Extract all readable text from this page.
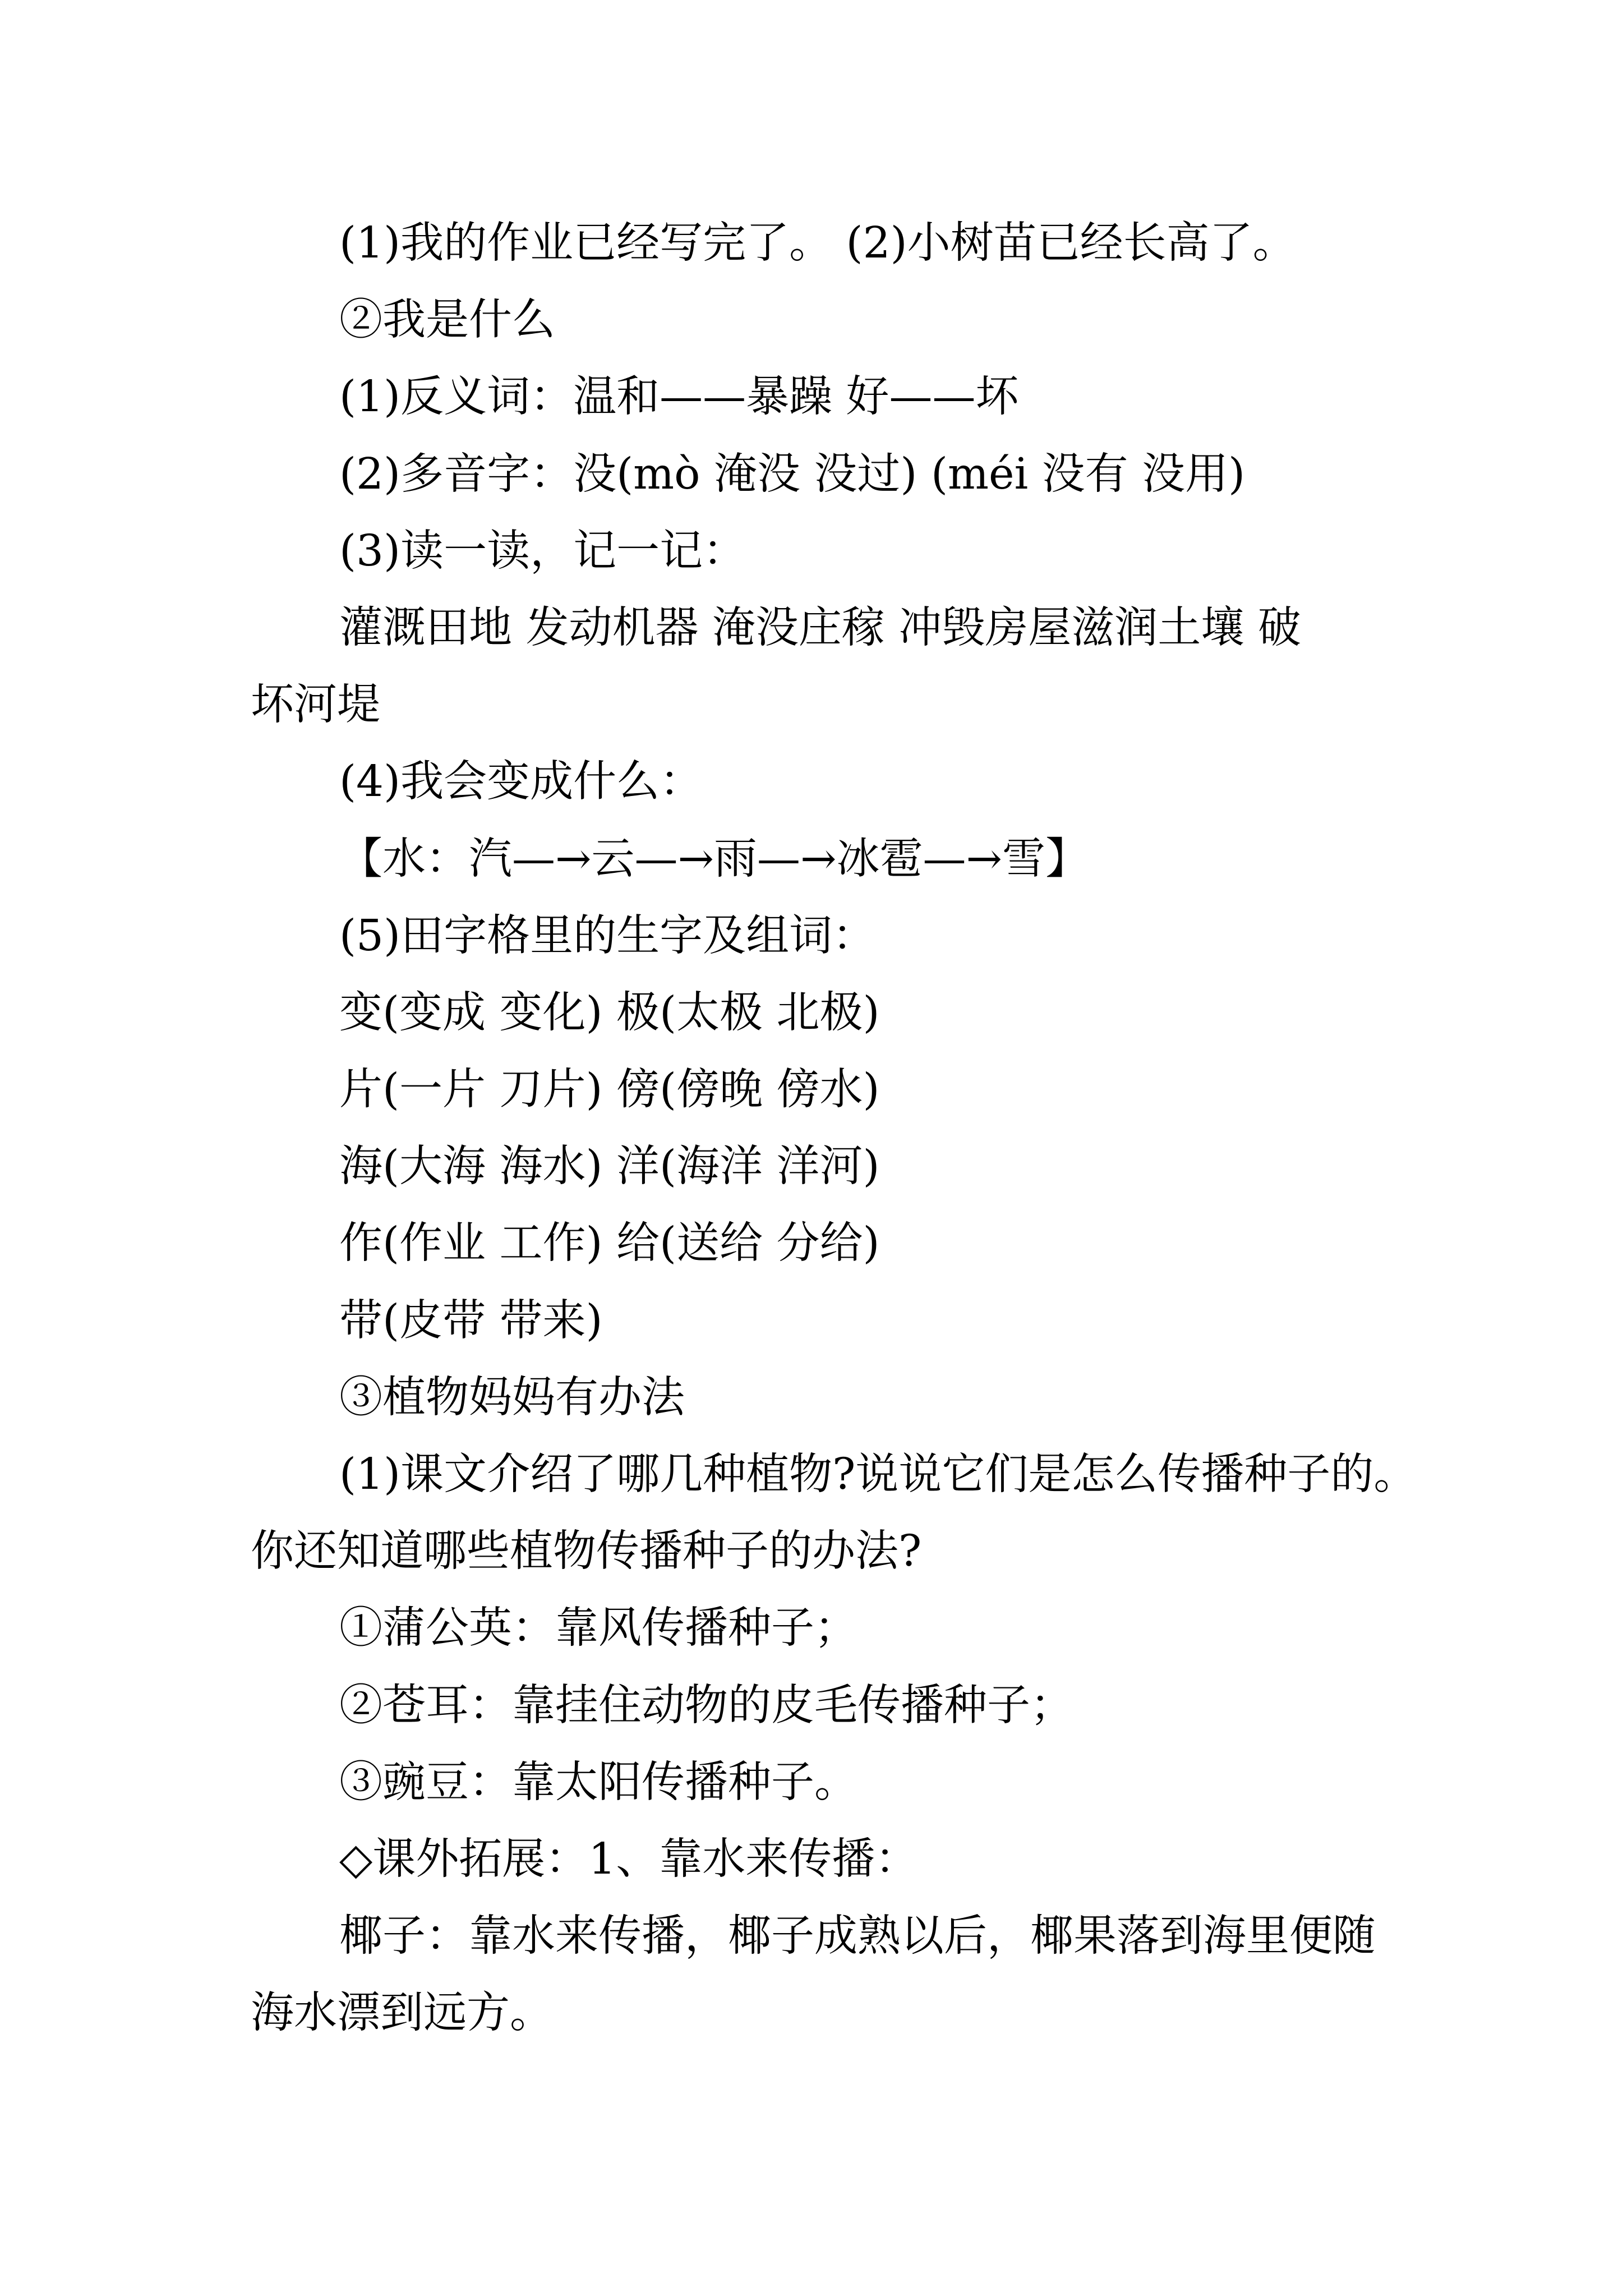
(1)我的作业已经写完了。 (2)小树苗已经长高了。
②我是什么
(1)反义词：温和——暴躁 好——坏
(2)多音字：没(mò 淹没 没过) (méi 没有 没用)
(3)读一读，记一记：
灌溉田地 发动机器 淹没庄稼 冲毁房屋滋润土壤 破
坏河堤
(4)我会变成什么：
【水：汽—→云—→雨—→冰雹—→雪】
(5)田字格里的生字及组词：
变(变成 变化) 极(太极 北极)
片(一片 刀片) 傍(傍晚 傍水)
海(大海 海水) 洋(海洋 洋河)
作(作业 工作) 给(送给 分给)
带(皮带 带来)
③植物妈妈有办法
(1)课文介绍了哪几种植物?说说它们是怎么传播种子的。
你还知道哪些植物传播种子的办法?
①蒲公英：靠风传播种子；
②苍耳：靠挂住动物的皮毛传播种子；
③豌豆：靠太阳传播种子。
◇课外拓展：1、靠水来传播：
椰子：靠水来传播，椰子成熟以后，椰果落到海里便随
海水漂到远方。
